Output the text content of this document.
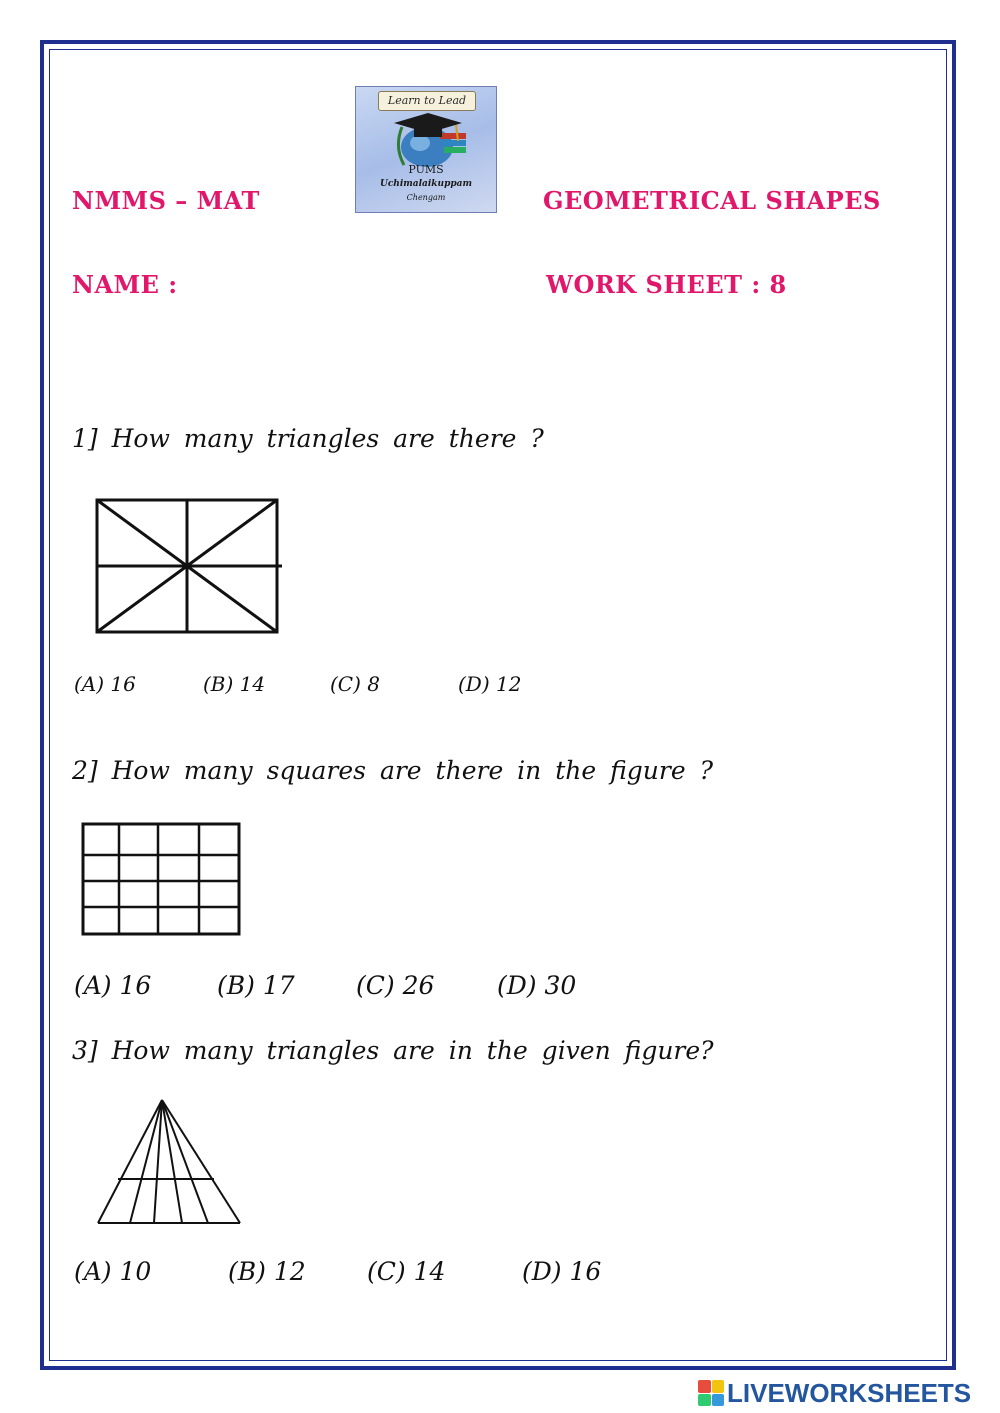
NMMS – MAT	GEOMETRICAL SHAPES
NAME :	WORK SHEET : 8
Learn to Lead
PUMS
Uchimalaikuppam
Chengam
1] How many triangles are there ?
(A) 16	(B) 14	(C) 8	(D) 12
2] How many squares are there in the figure ?
(A) 16	(B) 17 (C) 26	(D) 30
3] How many triangles are in the given figure?
(A) 10	(B) 12 (C) 14	(D) 16
LIVEWORKSHEETS
